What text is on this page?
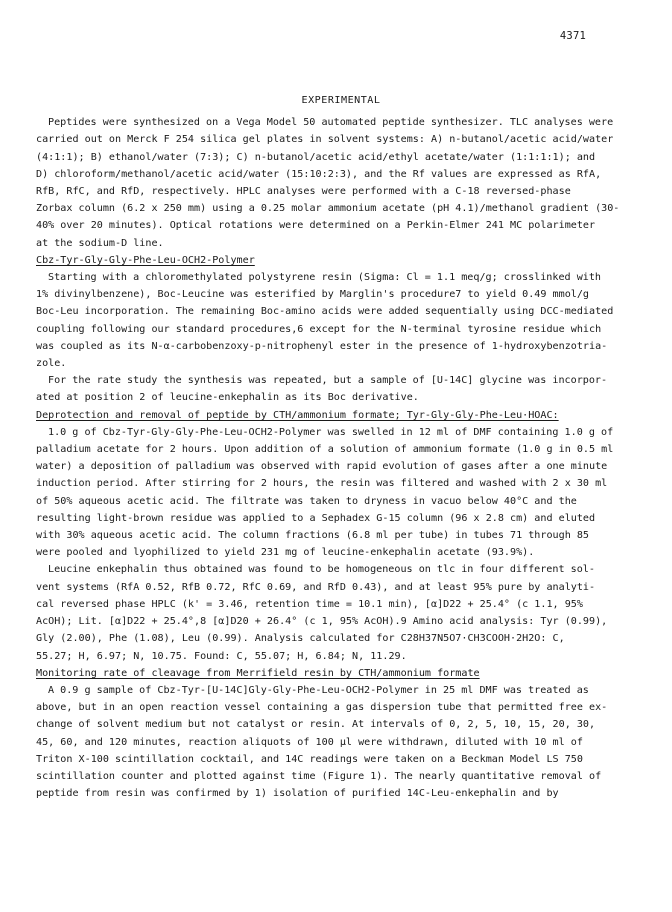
4371
EXPERIMENTAL
Peptides were synthesized on a Vega Model 50 automated peptide synthesizer. TLC analyses were
carried out on Merck F 254 silica gel plates in solvent systems: A) n-butanol/acetic acid/water
(4:1:1); B) ethanol/water (7:3); C) n-butanol/acetic acid/ethyl acetate/water (1:1:1:1); and
D) chloroform/methanol/acetic acid/water (15:10:2:3), and the Rf values are expressed as RfA,
RfB, RfC, and RfD, respectively. HPLC analyses were performed with a C-18 reversed-phase
Zorbax column (6.2 x 250 mm) using a 0.25 molar ammonium acetate (pH 4.1)/methanol gradient (30-
40% over 20 minutes). Optical rotations were determined on a Perkin-Elmer 241 MC polarimeter
at the sodium-D line.
Cbz-Tyr-Gly-Gly-Phe-Leu-OCH2-Polymer
Starting with a chloromethylated polystyrene resin (Sigma: Cl = 1.1 meq/g; crosslinked with
1% divinylbenzene), Boc-Leucine was esterified by Marglin's procedure7 to yield 0.49 mmol/g
Boc-Leu incorporation. The remaining Boc-amino acids were added sequentially using DCC-mediated
coupling following our standard procedures,6 except for the N-terminal tyrosine residue which
was coupled as its N-α-carbobenzoxy-p-nitrophenyl ester in the presence of 1-hydroxybenzotria-
zole.
For the rate study the synthesis was repeated, but a sample of [U-14C] glycine was incorpor-
ated at position 2 of leucine-enkephalin as its Boc derivative.
Deprotection and removal of peptide by CTH/ammonium formate; Tyr-Gly-Gly-Phe-Leu·HOAC:
1.0 g of Cbz-Tyr-Gly-Gly-Phe-Leu-OCH2-Polymer was swelled in 12 ml of DMF containing 1.0 g of
palladium acetate for 2 hours. Upon addition of a solution of ammonium formate (1.0 g in 0.5 ml
water) a deposition of palladium was observed with rapid evolution of gases after a one minute
induction period. After stirring for 2 hours, the resin was filtered and washed with 2 x 30 ml
of 50% aqueous acetic acid. The filtrate was taken to dryness in vacuo below 40°C and the
resulting light-brown residue was applied to a Sephadex G-15 column (96 x 2.8 cm) and eluted
with 30% aqueous acetic acid. The column fractions (6.8 ml per tube) in tubes 71 through 85
were pooled and lyophilized to yield 231 mg of leucine-enkephalin acetate (93.9%).
Leucine enkephalin thus obtained was found to be homogeneous on tlc in four different sol-
vent systems (RfA 0.52, RfB 0.72, RfC 0.69, and RfD 0.43), and at least 95% pure by analyti-
cal reversed phase HPLC (k' = 3.46, retention time = 10.1 min), [α]D22 + 25.4° (c 1.1, 95%
AcOH); Lit. [α]D22 + 25.4°,8 [α]D20 + 26.4° (c 1, 95% AcOH).9 Amino acid analysis: Tyr (0.99),
Gly (2.00), Phe (1.08), Leu (0.99). Analysis calculated for C28H37N5O7·CH3COOH·2H2O: C,
55.27; H, 6.97; N, 10.75. Found: C, 55.07; H, 6.84; N, 11.29.
Monitoring rate of cleavage from Merrifield resin by CTH/ammonium formate
A 0.9 g sample of Cbz-Tyr-[U-14C]Gly-Gly-Phe-Leu-OCH2-Polymer in 25 ml DMF was treated as
above, but in an open reaction vessel containing a gas dispersion tube that permitted free ex-
change of solvent medium but not catalyst or resin. At intervals of 0, 2, 5, 10, 15, 20, 30,
45, 60, and 120 minutes, reaction aliquots of 100 μl were withdrawn, diluted with 10 ml of
Triton X-100 scintillation cocktail, and 14C readings were taken on a Beckman Model LS 750
scintillation counter and plotted against time (Figure 1). The nearly quantitative removal of
peptide from resin was confirmed by 1) isolation of purified 14C-Leu-enkephalin and by
